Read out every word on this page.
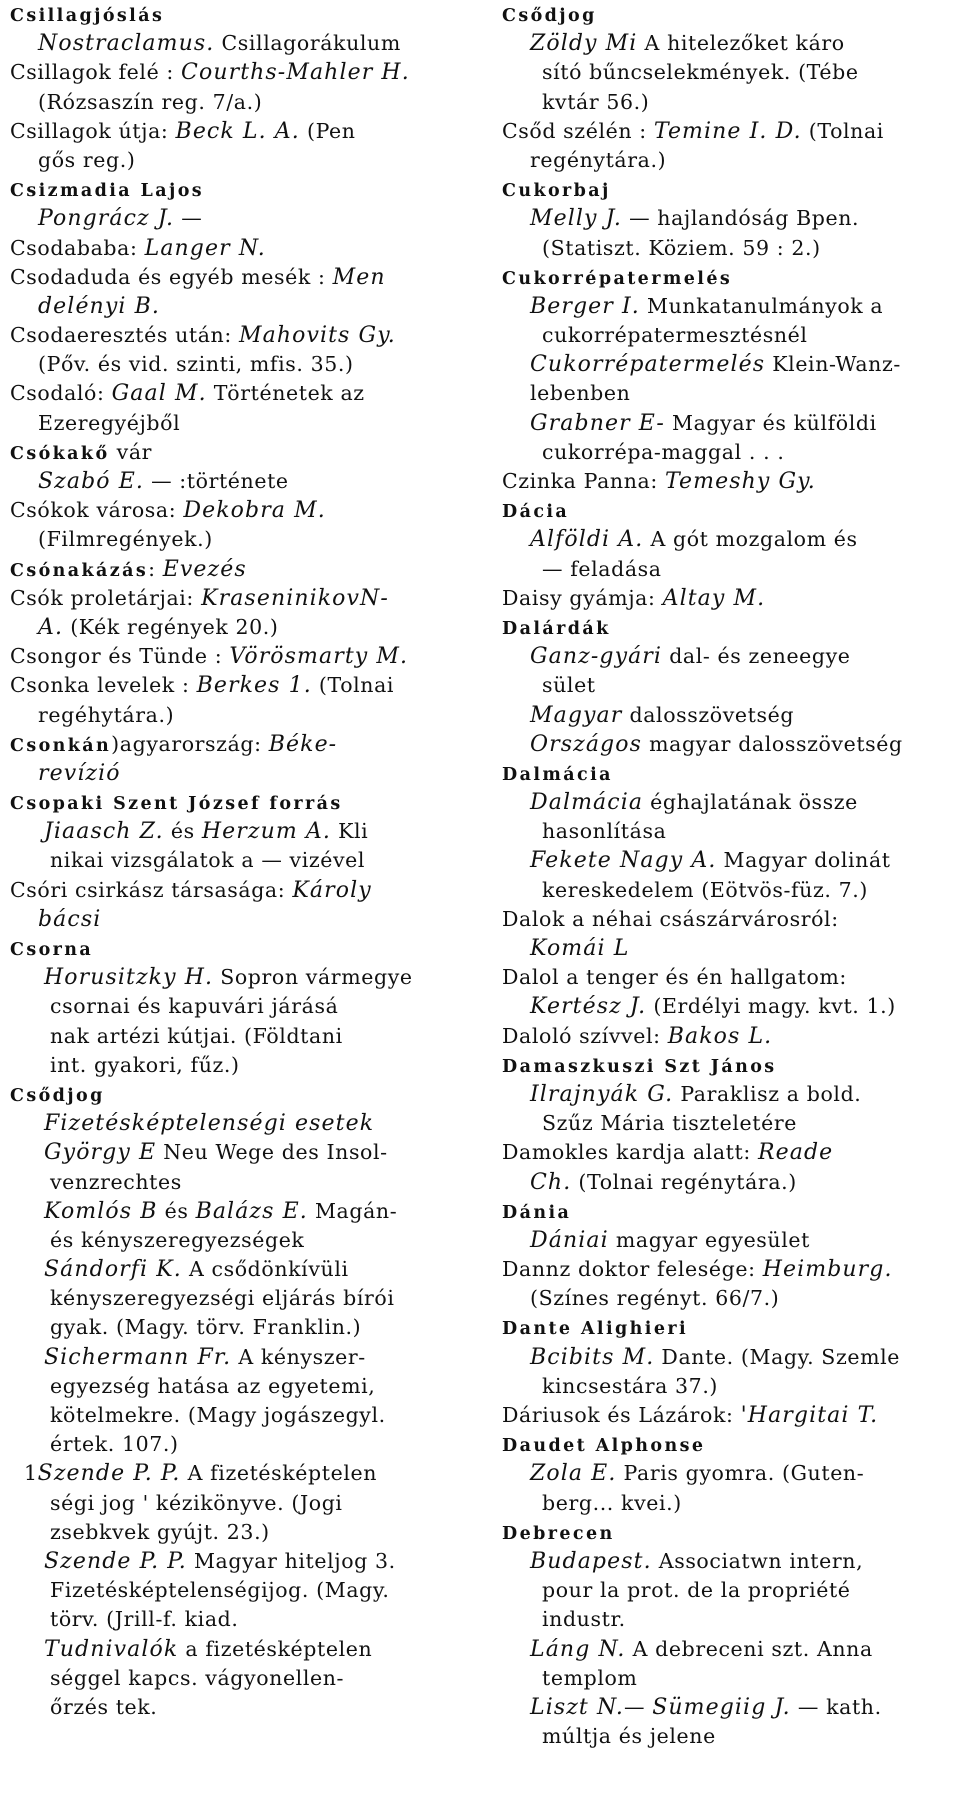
Csillagjóslás
Nostraclamus. Csillagorákulum
Csillagok felé : Courths-Mahler H.
(Rózsaszín reg. 7/a.)
Csillagok útja: Beck L. A. (Pen
gős reg.)
Csizmadia Lajos
Pongrácz J. —
Csodababa: Langer N.
Csodaduda és egyéb mesék : Men
delényi B.
Csodaeresztés után: Mahovits Gy.
(Pőv. és vid. szinti, mfis. 35.)
Csodaló: Gaal M. Történetek az
Ezeregyéjből
Csókakő vár
Szabó E. — :története
Csókok városa: Dekobra M.
(Filmregények.)
Csónakázás: Evezés
Csók proletárjai: KraseninikovN-
A. (Kék regények 20.)
Csongor és Tünde : Vörösmarty M.
Csonka levelek : Berkes 1. (Tolnai
regéhytára.)
Csonkán)agyarország: Béke-
revízió
Csopaki Szent József forrás
Jiaasch Z. és Herzum A. Kli
nikai vizsgálatok a — vizével
Csóri csirkász társasága: Károly
bácsi
Csorna
Horusitzky H. Sopron vármegye
csornai és kapuvári járásá
nak artézi kútjai. (Földtani
int. gyakori, fűz.)
Csődjog
Fizetésképtelenségi esetek
György E Neu Wege des Insol-
venzrechtes
Komlós B és Balázs E. Magán-
és kényszeregyezségek
Sándorfi K. A csődönkívüli
kényszeregyezségi eljárás bírói
gyak. (Magy. törv. Franklin.)
Sichermann Fr. A kényszer-
egyezség hatása az egyetemi,
kötelmekre. (Magy jogászegyl.
értek. 107.)
1Szende P. P. A fizetésképtelen
ségi jog ' kézikönyve. (Jogi
zsebkvek gyújt. 23.)
Szende P. P. Magyar hiteljog 3.
Fizetésképtelenségijog. (Magy.
törv. (Jrill-f. kiad.
Tudnivalók a fizetésképtelen
séggel kapcs. vágyonellen-
őrzés tek.
Csődjog
Zöldy Mi A hitelezőket káro
sító bűncselekmények. (Tébe
kvtár 56.)
Csőd szélén : Temine I. D. (Tolnai
regénytára.)
Cukorbaj
Melly J. — hajlandóság Bpen.
(Statiszt. Köziem. 59 : 2.)
Cukorrépatermelés
Berger I. Munkatanulmányok a
cukorrépatermesztésnél
Cukorrépatermelés Klein-Wanz-
lebenben
Grabner E- Magyar és külföldi
cukorrépa-maggal . . .
Czinka Panna: Temeshy Gy.
Dácia
Alföldi A. A gót mozgalom és
— feladása
Daisy gyámja: Altay M.
Dalárdák
Ganz-gyári dal- és zeneegye
sület
Magyar dalosszövetség
Országos magyar dalosszövetség
Dalmácia
Dalmácia éghajlatának össze
hasonlítása
Fekete Nagy A. Magyar dolinát
kereskedelem (Eötvös-füz. 7.)
Dalok a néhai császárvárosról:
Komái L
Dalol a tenger és én hallgatom:
Kertész J. (Erdélyi magy. kvt. 1.)
Daloló szívvel: Bakos L.
Damaszkuszi Szt János
Ilrajnyák G. Paraklisz a bold.
Szűz Mária tiszteletére
Damokles kardja alatt: Reade
Ch. (Tolnai regénytára.)
Dánia
Dániai magyar egyesület
Dannz doktor felesége: Heimburg.
(Színes regényt. 66/7.)
Dante Alighieri
Bcibits M. Dante. (Magy. Szemle
kincsestára 37.)
Dáriusok és Lázárok: 'Hargitai T.
Daudet Alphonse
Zola E. Paris gyomra. (Guten-
berg... kvei.)
Debrecen
Budapest. Associatwn intern,
pour la prot. de la propriété
industr.
Láng N. A debreceni szt. Anna
templom
Liszt N.— Sümegiig J. — kath.
múltja és jelene
